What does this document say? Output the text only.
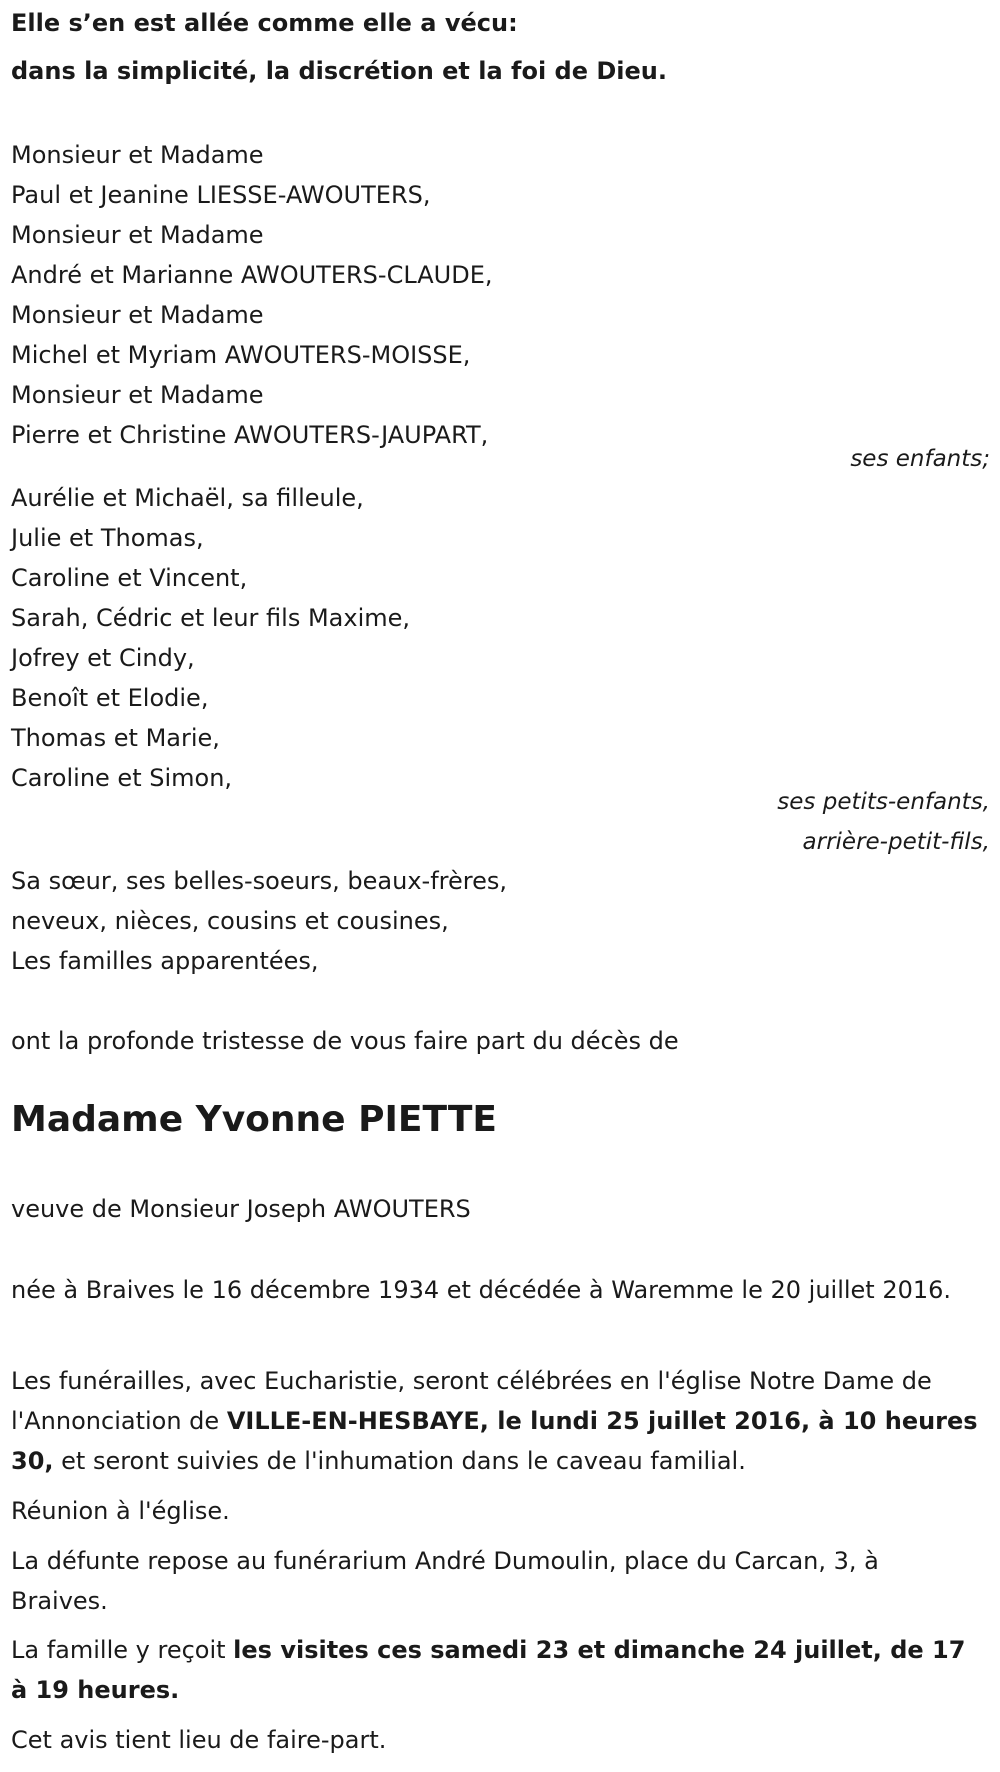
Elle s’en est allée comme elle a vécu:
dans la simplicité, la discrétion et la foi de Dieu.
Monsieur et Madame
Paul et Jeanine LIESSE-AWOUTERS,
Monsieur et Madame
André et Marianne AWOUTERS-CLAUDE,
Monsieur et Madame
Michel et Myriam AWOUTERS-MOISSE,
Monsieur et Madame
Pierre et Christine AWOUTERS-JAUPART,
ses enfants;
Aurélie et Michaël, sa filleule,
Julie et Thomas,
Caroline et Vincent,
Sarah, Cédric et leur fils Maxime,
Jofrey et Cindy,
Benoît et Elodie,
Thomas et Marie,
Caroline et Simon,
ses petits-enfants,
arrière-petit-fils,
Sa sœur, ses belles-soeurs, beaux-frères,
neveux, nièces, cousins et cousines,
Les familles apparentées,
ont la profonde tristesse de vous faire part du décès de
Madame Yvonne PIETTE
veuve de Monsieur Joseph AWOUTERS
née à Braives le 16 décembre 1934 et décédée à Waremme le 20 juillet 2016.
Les funérailles, avec Eucharistie, seront célébrées en l'église Notre Dame de l'Annonciation de VILLE-EN-HESBAYE, le lundi 25 juillet 2016, à 10 heures 30, et seront suivies de l'inhumation dans le caveau familial.
Réunion à l'église.
La défunte repose au funérarium André Dumoulin, place du Carcan, 3, à Braives.
La famille y reçoit les visites ces samedi 23 et dimanche 24 juillet, de 17 à 19 heures.
Cet avis tient lieu de faire-part.
